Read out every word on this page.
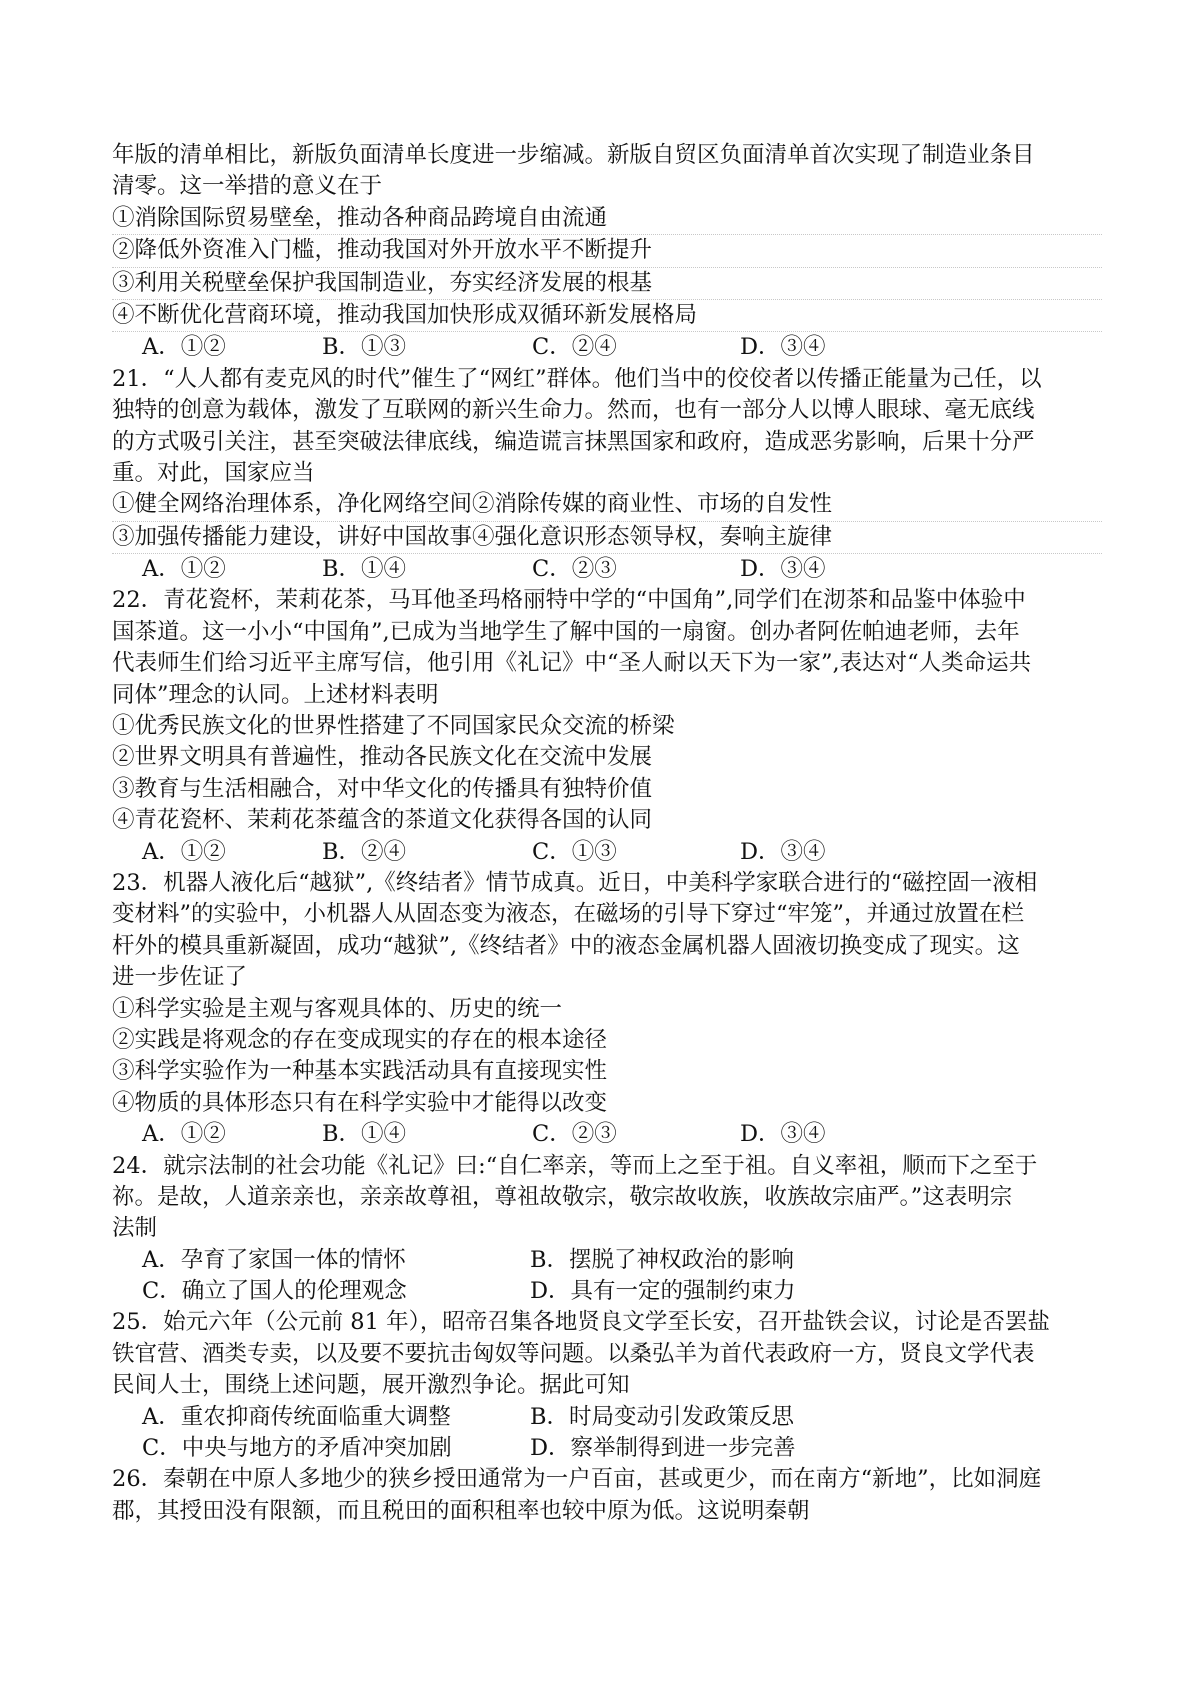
年版的清单相比，新版负面清单长度进一步缩减。新版自贸区负面清单首次实现了制造业条目
清零。这一举措的意义在于
①消除国际贸易壁垒，推动各种商品跨境自由流通
②降低外资准入门槛，推动我国对外开放水平不断提升
③利用关税壁垒保护我国制造业，夯实经济发展的根基
④不断优化营商环境，推动我国加快形成双循环新发展格局
A．①②	B．①③	C．②④	D．③④
21．“人人都有麦克风的时代”催生了“网红”群体。他们当中的佼佼者以传播正能量为己任，以
独特的创意为载体，激发了互联网的新兴生命力。然而，也有一部分人以博人眼球、毫无底线
的方式吸引关注，甚至突破法律底线，编造谎言抹黑国家和政府，造成恶劣影响，后果十分严
重。对此，国家应当
①健全网络治理体系，净化网络空间②消除传媒的商业性、市场的自发性
③加强传播能力建设，讲好中国故事④强化意识形态领导权，奏响主旋律
A．①②	B．①④	C．②③	D．③④
22．青花瓷杯，茉莉花茶，马耳他圣玛格丽特中学的“中国角”,同学们在沏茶和品鉴中体验中
国茶道。这一小小“中国角”,已成为当地学生了解中国的一扇窗。创办者阿佐帕迪老师，去年
代表师生们给习近平主席写信，他引用《礼记》中“圣人耐以天下为一家”,表达对“人类命运共
同体”理念的认同。上述材料表明
①优秀民族文化的世界性搭建了不同国家民众交流的桥梁
②世界文明具有普遍性，推动各民族文化在交流中发展
③教育与生活相融合，对中华文化的传播具有独特价值
④青花瓷杯、茉莉花茶蕴含的茶道文化获得各国的认同
A．①②	B．②④	C．①③	D．③④
23．机器人液化后“越狱”,《终结者》情节成真。近日，中美科学家联合进行的“磁控固一液相
变材料”的实验中，小机器人从固态变为液态，在磁场的引导下穿过“牢笼”，并通过放置在栏
杆外的模具重新凝固，成功“越狱”,《终结者》中的液态金属机器人固液切换变成了现实。这
进一步佐证了
①科学实验是主观与客观具体的、历史的统一
②实践是将观念的存在变成现实的存在的根本途径
③科学实验作为一种基本实践活动具有直接现实性
④物质的具体形态只有在科学实验中才能得以改变
A．①②	B．①④	C．②③	D．③④
24．就宗法制的社会功能《礼记》曰:“自仁率亲，等而上之至于祖。自义率祖，顺而下之至于
祢。是故，人道亲亲也，亲亲故尊祖，尊祖故敬宗，敬宗故收族，收族故宗庙严。”这表明宗
法制
A．孕育了家国一体的情怀	B．摆脱了神权政治的影响
C．确立了国人的伦理观念	D．具有一定的强制约束力
25．始元六年（公元前 81 年），昭帝召集各地贤良文学至长安，召开盐铁会议，讨论是否罢盐
铁官营、酒类专卖，以及要不要抗击匈奴等问题。以桑弘羊为首代表政府一方，贤良文学代表
民间人士，围绕上述问题，展开激烈争论。据此可知
A．重农抑商传统面临重大调整	B．时局变动引发政策反思
C．中央与地方的矛盾冲突加剧	D．察举制得到进一步完善
26．秦朝在中原人多地少的狭乡授田通常为一户百亩，甚或更少，而在南方“新地”，比如洞庭
郡，其授田没有限额，而且税田的面积租率也较中原为低。这说明秦朝
